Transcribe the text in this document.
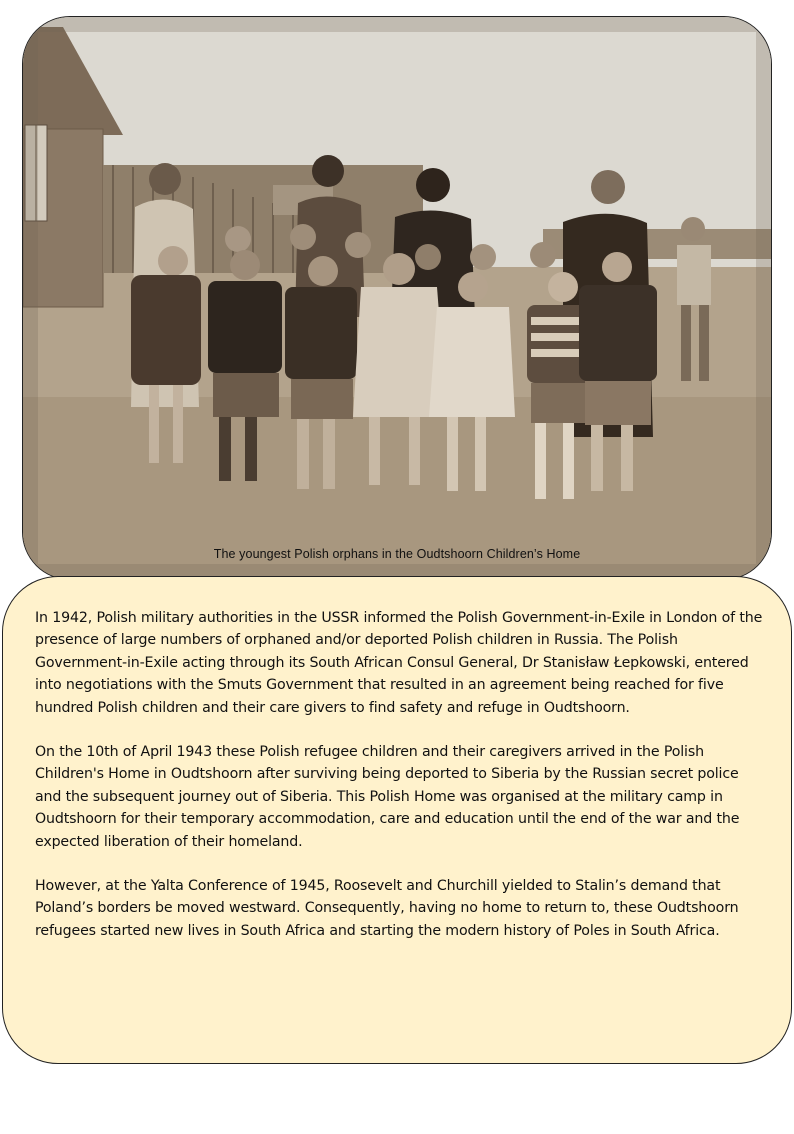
The youngest Polish orphans in the Oudtshoorn Children’s Home

In 1942, Polish military authorities in the USSR informed the Polish Government-in-Exile in London of the presence of large numbers of orphaned and/or deported Polish children in Russia. The Polish Government-in-Exile acting through its South African Consul General, Dr Stanisław Łepkowski, entered into negotiations with the Smuts Government that resulted in an agreement being reached for five hundred Polish children and their care givers to find safety and refuge in Oudtshoorn.

On the 10th of April 1943 these Polish refugee children and their caregivers arrived in the Polish Children's Home in Oudtshoorn after surviving being deported to Siberia by the Russian secret police and the subsequent journey out of Siberia. This Polish Home was organised at the military camp in Oudtshoorn for their temporary accommodation, care and education until the end of the war and the expected liberation of their homeland.

However, at the Yalta Conference of 1945, Roosevelt and Churchill yielded to Stalin’s demand that Poland’s borders be moved westward. Consequently, having no home to return to, these Oudtshoorn refugees started new lives in South Africa and starting the modern history of Poles in South Africa.
